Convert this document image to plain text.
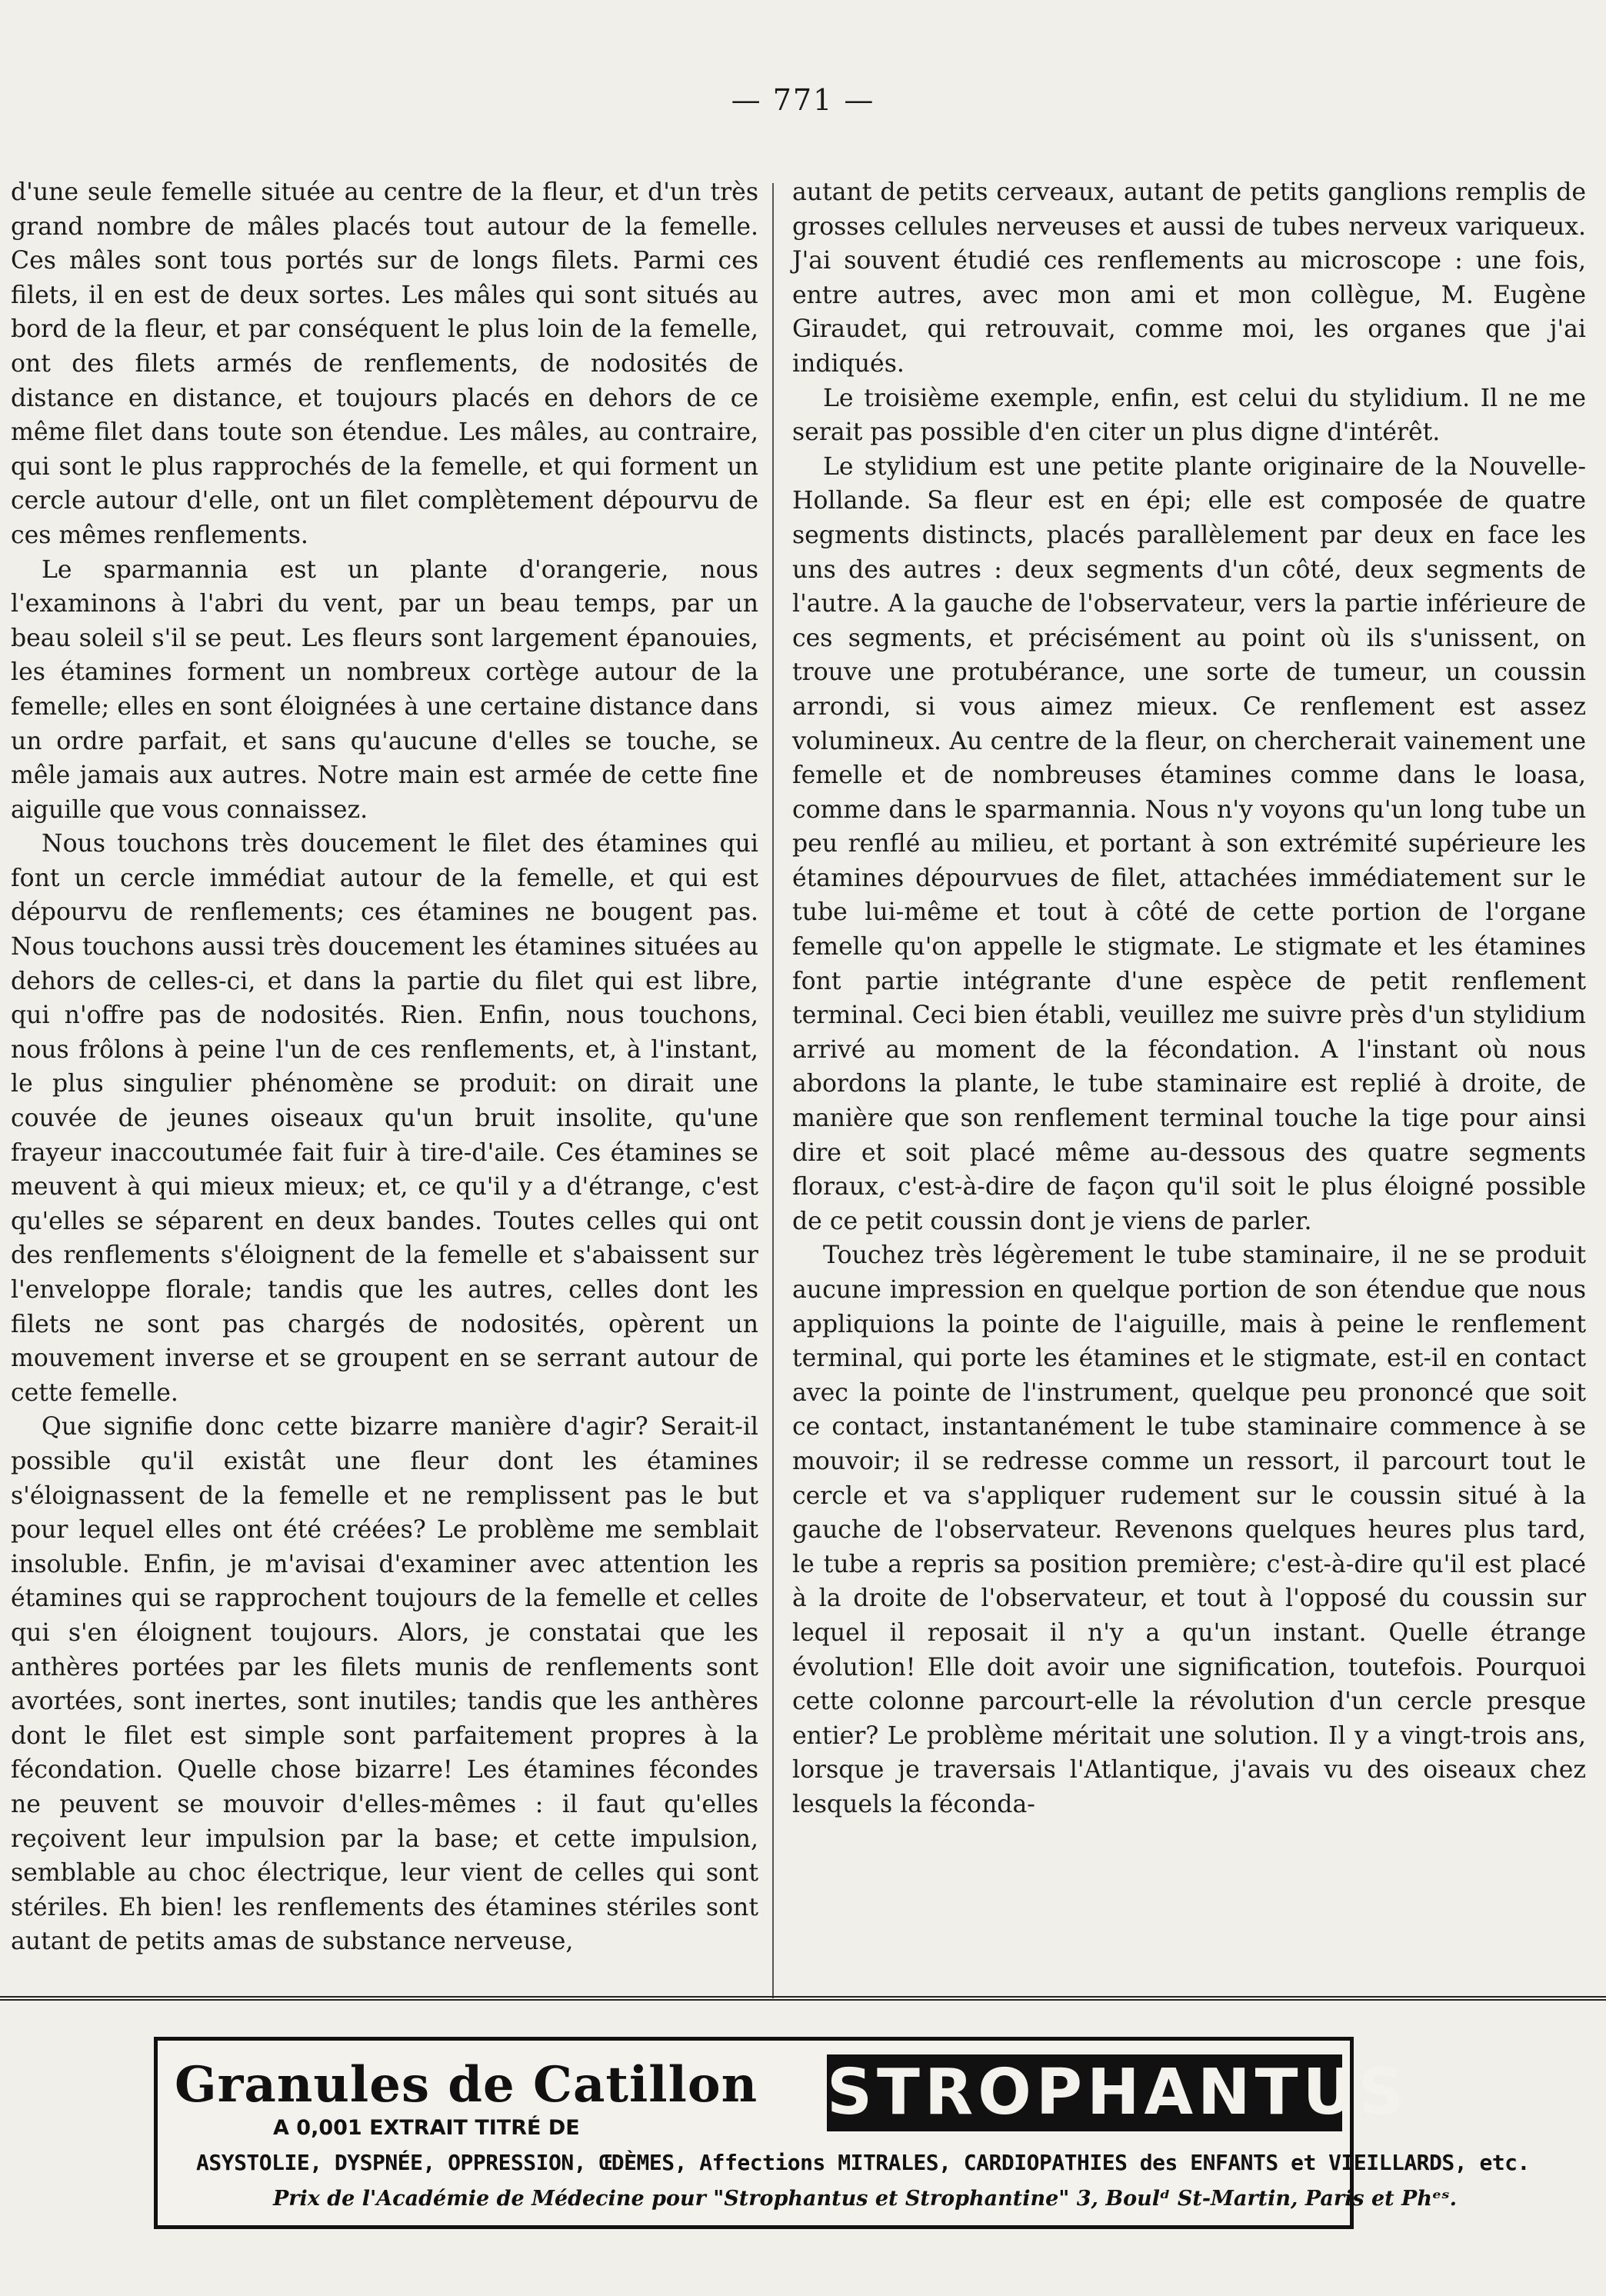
— 771 —

d'une seule femelle située au centre de la fleur, et d'un très grand nombre de mâles placés tout autour de la femelle. Ces mâles sont tous portés sur de longs filets. Parmi ces filets, il en est de deux sortes. Les mâles qui sont situés au bord de la fleur, et par conséquent le plus loin de la femelle, ont des filets armés de renflements, de nodosités de distance en distance, et toujours placés en dehors de ce même filet dans toute son étendue. Les mâles, au contraire, qui sont le plus rapprochés de la femelle, et qui forment un cercle autour d'elle, ont un filet complètement dépourvu de ces mêmes renflements.

Le sparmannia est un plante d'orangerie, nous l'examinons à l'abri du vent, par un beau temps, par un beau soleil s'il se peut. Les fleurs sont largement épanouies, les étamines forment un nombreux cortège autour de la femelle; elles en sont éloignées à une certaine distance dans un ordre parfait, et sans qu'aucune d'elles se touche, se mêle jamais aux autres. Notre main est armée de cette fine aiguille que vous connaissez.

Nous touchons très doucement le filet des étamines qui font un cercle immédiat autour de la femelle, et qui est dépourvu de renflements; ces étamines ne bougent pas. Nous touchons aussi très doucement les étamines situées au dehors de celles-ci, et dans la partie du filet qui est libre, qui n'offre pas de nodosités. Rien. Enfin, nous touchons, nous frôlons à peine l'un de ces renflements, et, à l'instant, le plus singulier phénomène se produit: on dirait une couvée de jeunes oiseaux qu'un bruit insolite, qu'une frayeur inaccoutumée fait fuir à tire-d'aile. Ces étamines se meuvent à qui mieux mieux; et, ce qu'il y a d'étrange, c'est qu'elles se séparent en deux bandes. Toutes celles qui ont des renflements s'éloignent de la femelle et s'abaissent sur l'enveloppe florale; tandis que les autres, celles dont les filets ne sont pas chargés de nodosités, opèrent un mouvement inverse et se groupent en se serrant autour de cette femelle.

Que signifie donc cette bizarre manière d'agir? Serait-il possible qu'il existât une fleur dont les étamines s'éloignassent de la femelle et ne remplissent pas le but pour lequel elles ont été créées? Le problème me semblait insoluble. Enfin, je m'avisai d'examiner avec attention les étamines qui se rapprochent toujours de la femelle et celles qui s'en éloignent toujours. Alors, je constatai que les anthères portées par les filets munis de renflements sont avortées, sont inertes, sont inutiles; tandis que les anthères dont le filet est simple sont parfaitement propres à la fécondation. Quelle chose bizarre! Les étamines fécondes ne peuvent se mouvoir d'elles-mêmes : il faut qu'elles reçoivent leur impulsion par la base; et cette impulsion, semblable au choc électrique, leur vient de celles qui sont stériles. Eh bien! les renflements des étamines stériles sont autant de petits amas de substance nerveuse,

autant de petits cerveaux, autant de petits ganglions remplis de grosses cellules nerveuses et aussi de tubes nerveux variqueux. J'ai souvent étudié ces renflements au microscope : une fois, entre autres, avec mon ami et mon collègue, M. Eugène Giraudet, qui retrouvait, comme moi, les organes que j'ai indiqués.

Le troisième exemple, enfin, est celui du stylidium. Il ne me serait pas possible d'en citer un plus digne d'intérêt.

Le stylidium est une petite plante originaire de la Nouvelle-Hollande. Sa fleur est en épi; elle est composée de quatre segments distincts, placés parallèlement par deux en face les uns des autres : deux segments d'un côté, deux segments de l'autre. A la gauche de l'observateur, vers la partie inférieure de ces segments, et précisément au point où ils s'unissent, on trouve une protubérance, une sorte de tumeur, un coussin arrondi, si vous aimez mieux. Ce renflement est assez volumineux. Au centre de la fleur, on chercherait vainement une femelle et de nombreuses étamines comme dans le loasa, comme dans le sparmannia. Nous n'y voyons qu'un long tube un peu renflé au milieu, et portant à son extrémité supérieure les étamines dépourvues de filet, attachées immédiatement sur le tube lui-même et tout à côté de cette portion de l'organe femelle qu'on appelle le stigmate. Le stigmate et les étamines font partie intégrante d'une espèce de petit renflement terminal. Ceci bien établi, veuillez me suivre près d'un stylidium arrivé au moment de la fécondation. A l'instant où nous abordons la plante, le tube staminaire est replié à droite, de manière que son renflement terminal touche la tige pour ainsi dire et soit placé même au-dessous des quatre segments floraux, c'est-à-dire de façon qu'il soit le plus éloigné possible de ce petit coussin dont je viens de parler.

Touchez très légèrement le tube staminaire, il ne se produit aucune impression en quelque portion de son étendue que nous appliquions la pointe de l'aiguille, mais à peine le renflement terminal, qui porte les étamines et le stigmate, est-il en contact avec la pointe de l'instrument, quelque peu prononcé que soit ce contact, instantanément le tube staminaire commence à se mouvoir; il se redresse comme un ressort, il parcourt tout le cercle et va s'appliquer rudement sur le coussin situé à la gauche de l'observateur. Revenons quelques heures plus tard, le tube a repris sa position première; c'est-à-dire qu'il est placé à la droite de l'observateur, et tout à l'opposé du coussin sur lequel il reposait il n'y a qu'un instant. Quelle étrange évolution! Elle doit avoir une signification, toutefois. Pourquoi cette colonne parcourt-elle la révolution d'un cercle presque entier? Le problème méritait une solution. Il y a vingt-trois ans, lorsque je traversais l'Atlantique, j'avais vu des oiseaux chez lesquels la féconda-

Granules de Catillon	STROPHANTUS
A 0,001 EXTRAIT TITRÉ DE
ASYSTOLIE, DYSPNÉE, OPPRESSION, ŒDÈMES, Affections MITRALES, CARDIOPATHIES des ENFANTS et VIEILLARDS, etc.
Prix de l'Académie de Médecine pour "Strophantus et Strophantine" 3, Boulᵈ St-Martin, Paris et Phᵉˢ.
